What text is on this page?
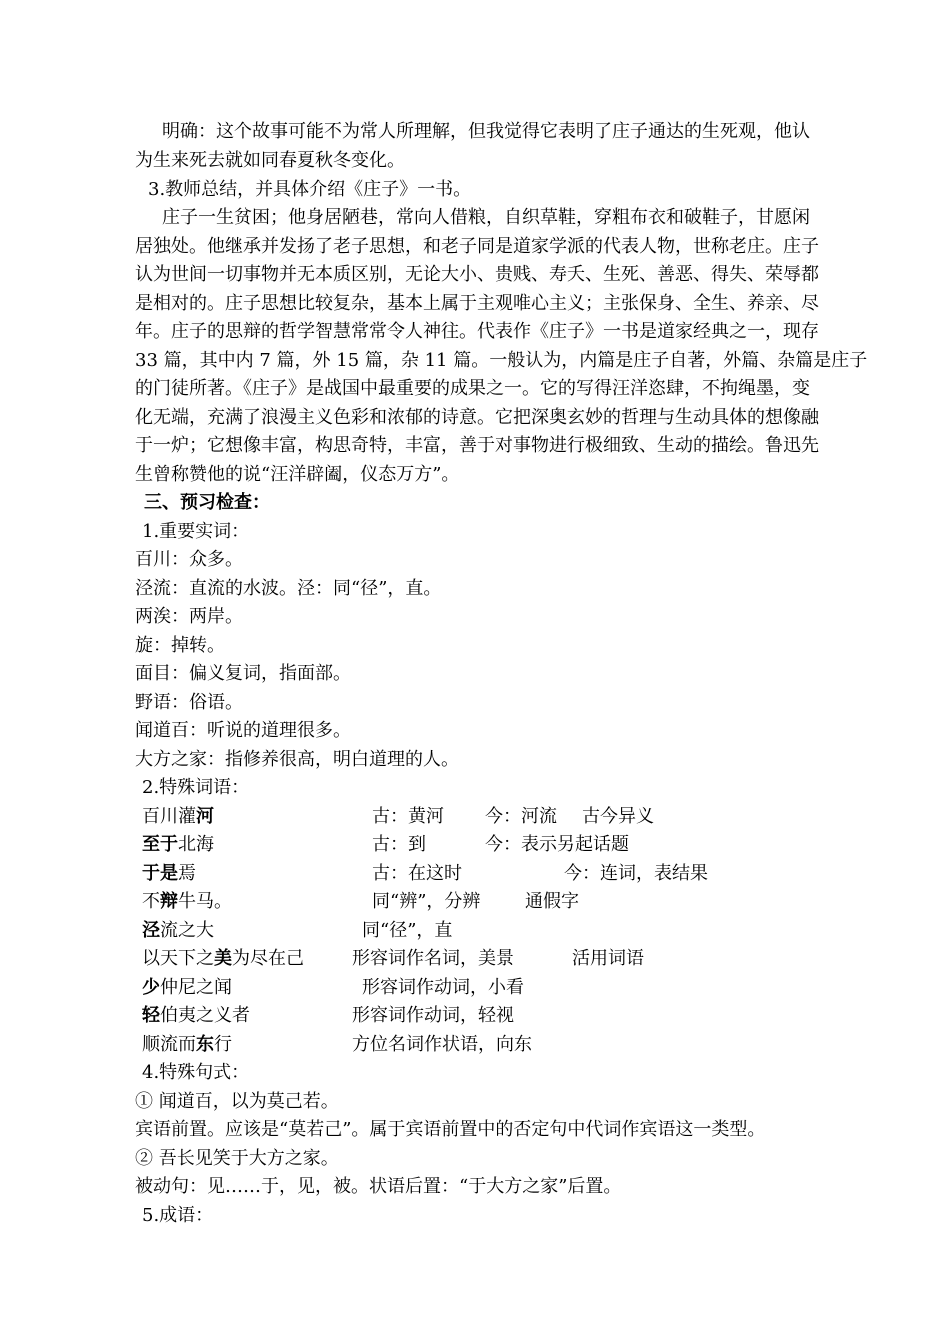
明确：这个故事可能不为常人所理解，但我觉得它表明了庄子通达的生死观，他认
为生来死去就如同春夏秋冬变化。
3.教师总结，并具体介绍《庄子》一书。
庄子一生贫困；他身居陋巷，常向人借粮，自织草鞋，穿粗布衣和破鞋子，甘愿闲
居独处。他继承并发扬了老子思想，和老子同是道家学派的代表人物，世称老庄。庄子
认为世间一切事物并无本质区别，无论大小、贵贱、寿夭、生死、善恶、得失、荣辱都
是相对的。庄子思想比较复杂，基本上属于主观唯心主义；主张保身、全生、养亲、尽
年。庄子的思辩的哲学智慧常常令人神往。代表作《庄子》一书是道家经典之一，现存
33 篇，其中内 7 篇，外 15 篇，杂 11 篇。一般认为，内篇是庄子自著，外篇、杂篇是庄子
的门徒所著。《庄子》是战国中最重要的成果之一。它的写得汪洋恣肆，不拘绳墨，变
化无端，充满了浪漫主义色彩和浓郁的诗意。它把深奥玄妙的哲理与生动具体的想像融
于一炉；它想像丰富，构思奇特，丰富，善于对事物进行极细致、生动的描绘。鲁迅先
生曾称赞他的说“汪洋辟阖，仪态万方”。
三、预习检查：
1.重要实词：
百川：众多。
泾流：直流的水波。泾：同“径”，直。
两涘：两岸。
旋：掉转。
面目：偏义复词，指面部。
野语：俗语。
闻道百：听说的道理很多。
大方之家：指修养很高，明白道理的人。
2.特殊词语：
百川灌河	古：黄河 今：河流 古今异义
至于北海	古：到	今：表示另起话题
于是焉	古：在这时	今：连词，表结果
不辩牛马。	同“辨”，分辨 通假字
泾流之大	同“径”，直
以天下之美为尽在己	形容词作名词，美景	活用词语
少仲尼之闻	形容词作动词，小看
轻伯夷之义者	形容词作动词，轻视
顺流而东行	方位名词作状语，向东
4.特殊句式：
① 闻道百，以为莫己若。
宾语前置。应该是“莫若己”。属于宾语前置中的否定句中代词作宾语这一类型。
② 吾长见笑于大方之家。
被动句：见……于，见，被。状语后置：“于大方之家”后置。
5.成语：
